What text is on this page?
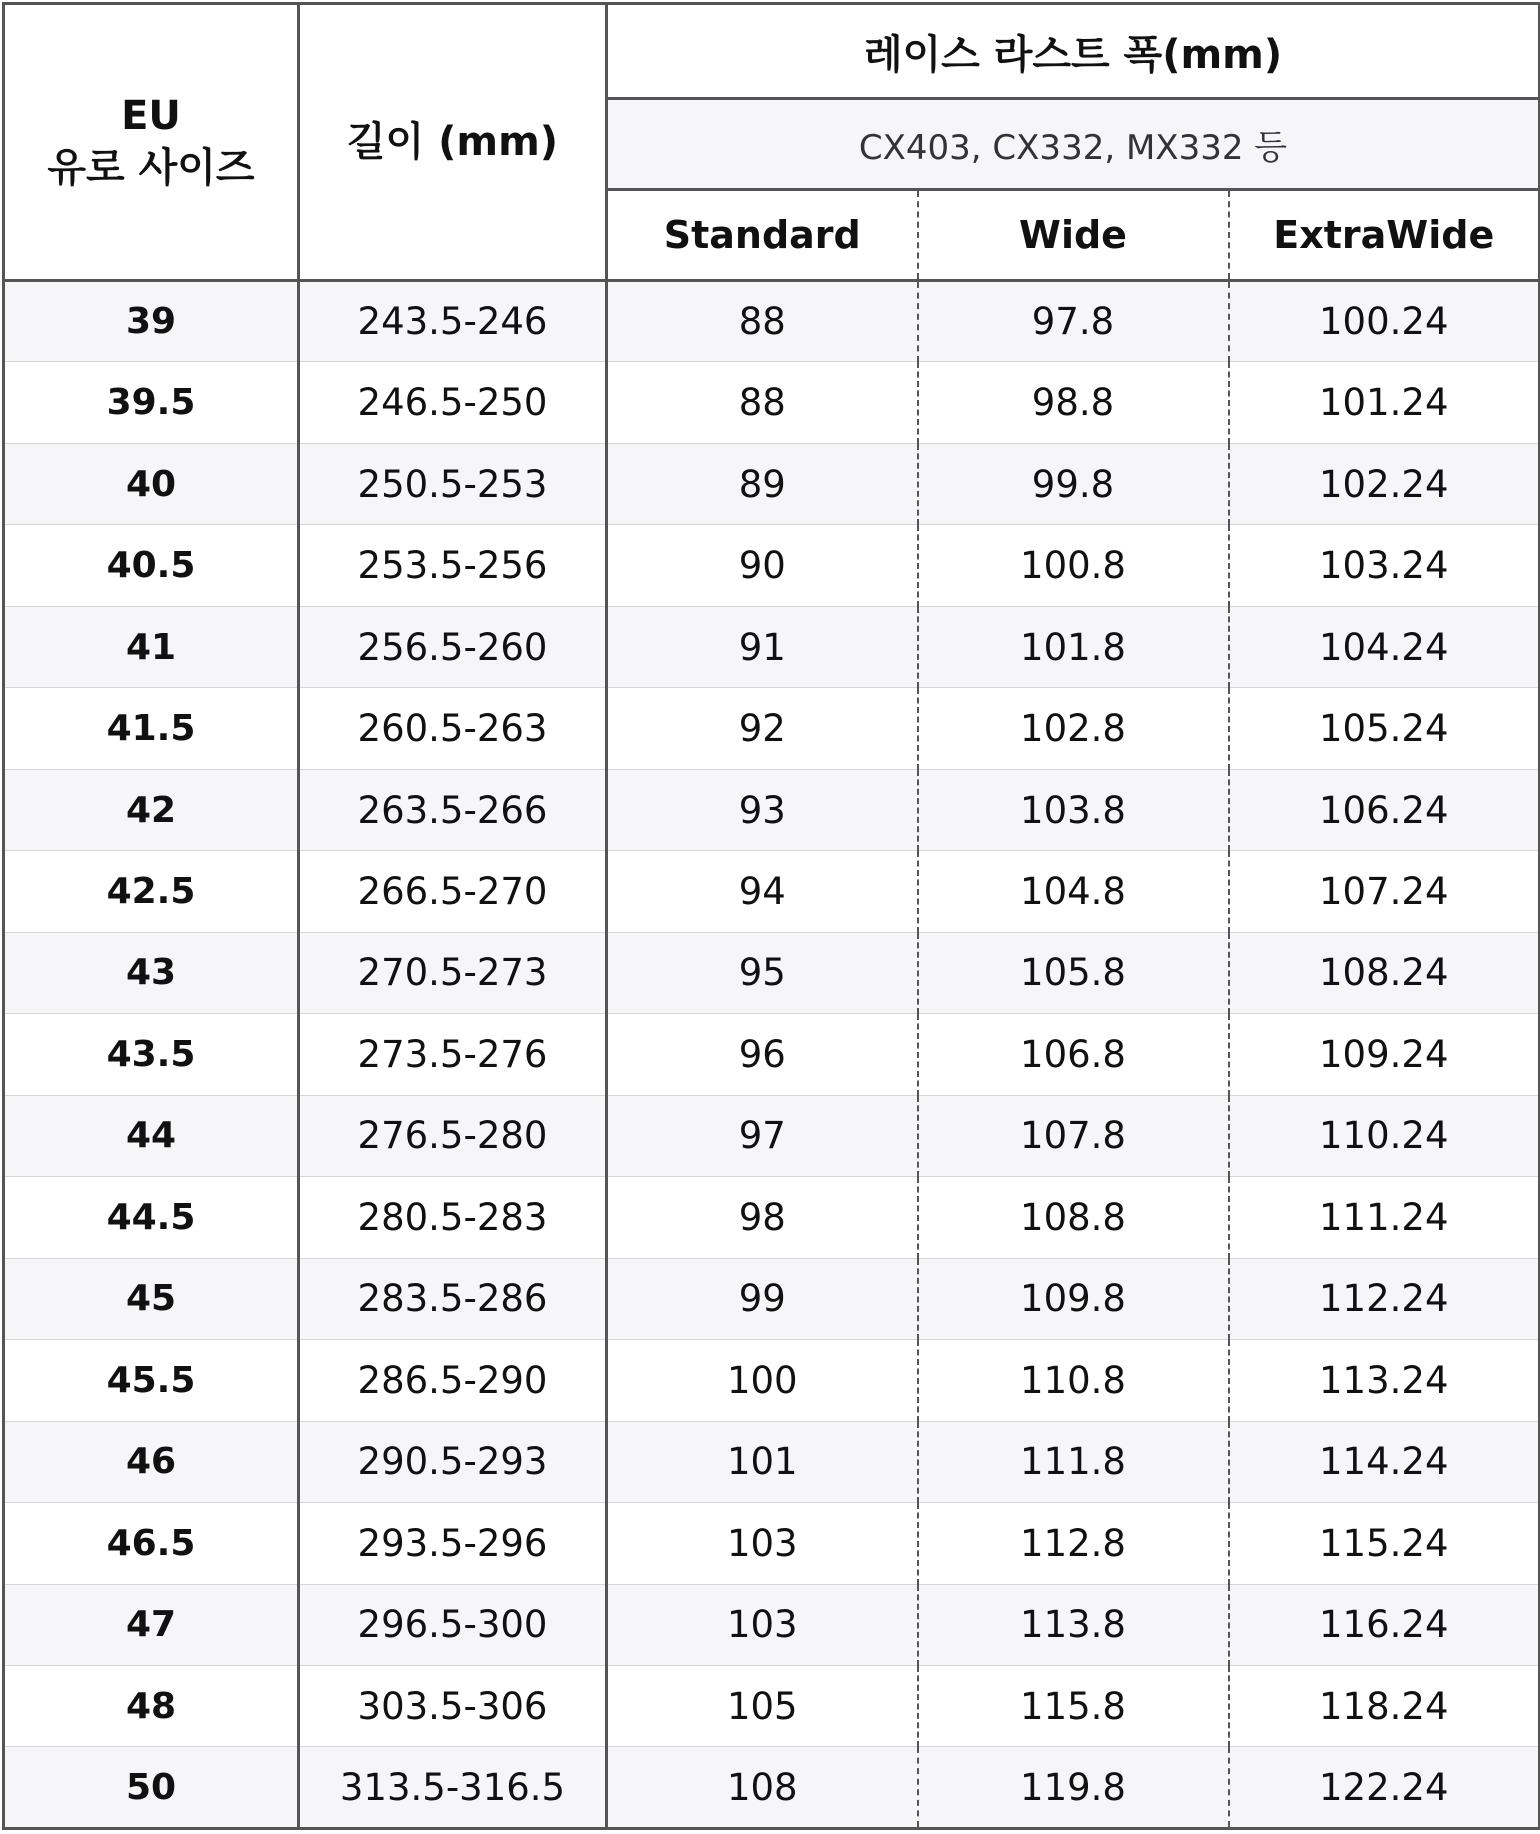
EU
유로 사이즈	길이 (mm)	레이스 라스트 폭(mm)		
		CX403, CX332, MX332 등		
		Standard	Wide	ExtraWide
39	243.5-246	88	97.8	100.24
39.5	246.5-250	88	98.8	101.24
40	250.5-253	89	99.8	102.24
40.5	253.5-256	90	100.8	103.24
41	256.5-260	91	101.8	104.24
41.5	260.5-263	92	102.8	105.24
42	263.5-266	93	103.8	106.24
42.5	266.5-270	94	104.8	107.24
43	270.5-273	95	105.8	108.24
43.5	273.5-276	96	106.8	109.24
44	276.5-280	97	107.8	110.24
44.5	280.5-283	98	108.8	111.24
45	283.5-286	99	109.8	112.24
45.5	286.5-290	100	110.8	113.24
46	290.5-293	101	111.8	114.24
46.5	293.5-296	103	112.8	115.24
47	296.5-300	103	113.8	116.24
48	303.5-306	105	115.8	118.24
50	313.5-316.5	108	119.8	122.24
